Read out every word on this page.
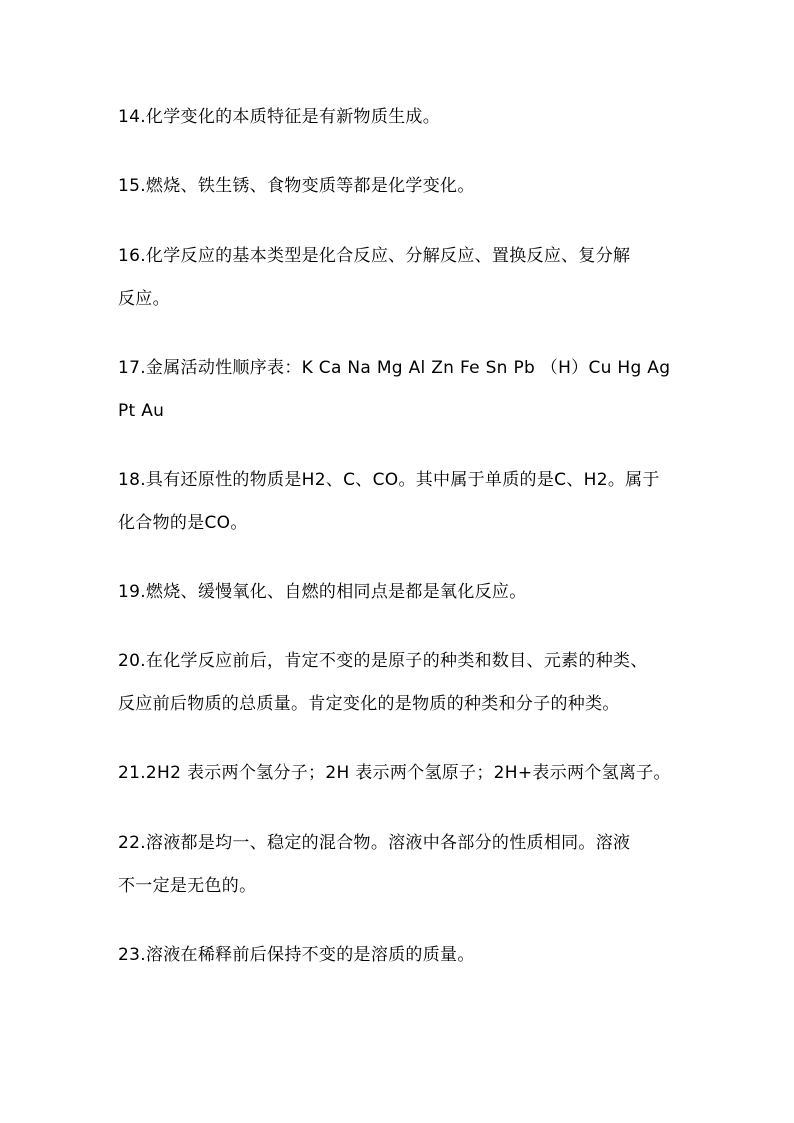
14.化学变化的本质特征是有新物质生成。

15.燃烧、铁生锈、食物变质等都是化学变化。

16.化学反应的基本类型是化合反应、分解反应、置换反应、复分解
反应。

17.金属活动性顺序表：K Ca Na Mg Al Zn Fe Sn Pb （H）Cu Hg Ag
Pt Au

18.具有还原性的物质是H2、C、CO。其中属于单质的是C、H2。属于
化合物的是CO。

19.燃烧、缓慢氧化、自燃的相同点是都是氧化反应。

20.在化学反应前后，肯定不变的是原子的种类和数目、元素的种类、
反应前后物质的总质量。肯定变化的是物质的种类和分子的种类。

21.2H2 表示两个氢分子；2H 表示两个氢原子；2H+表示两个氢离子。

22.溶液都是均一、稳定的混合物。溶液中各部分的性质相同。溶液
不一定是无色的。

23.溶液在稀释前后保持不变的是溶质的质量。
